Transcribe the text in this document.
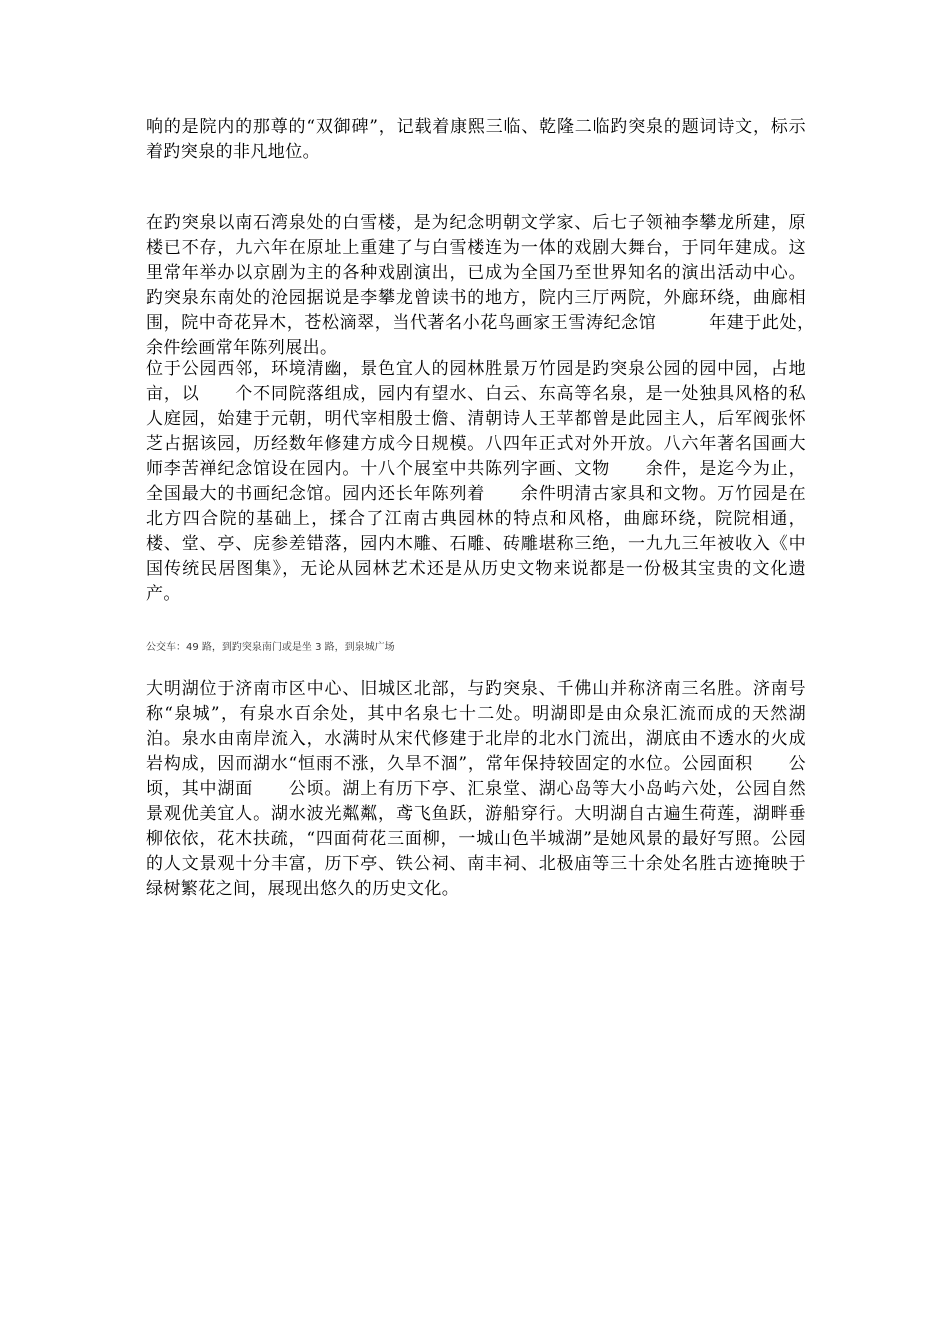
响的是院内的那尊的“双御碑”，记载着康熙三临、乾隆二临趵突泉的题词诗文，标示着趵突泉的非凡地位。

在趵突泉以南石湾泉处的白雪楼，是为纪念明朝文学家、后七子领袖李攀龙所建，原楼已不存，九六年在原址上重建了与白雪楼连为一体的戏剧大舞台，于同年建成。这里常年举办以京剧为主的各种戏剧演出，已成为全国乃至世界知名的演出活动中心。趵突泉东南处的沧园据说是李攀龙曾读书的地方，院内三厅两院，外廊环绕，曲廊相围，院中奇花异木，苍松滴翠，当代著名小花鸟画家王雪涛纪念馆　　　年建于此处，　　　余件绘画常年陈列展出。

位于公园西邻，环境清幽，景色宜人的园林胜景万竹园是趵突泉公园的园中园，占地　　亩，以　　个不同院落组成，园内有望水、白云、东高等名泉，是一处独具风格的私人庭园，始建于元朝，明代宰相殷士儋、清朝诗人王苹都曾是此园主人，后军阀张怀芝占据该园，历经数年修建方成今日规模。八四年正式对外开放。八六年著名国画大师李苦禅纪念馆设在园内。十八个展室中共陈列字画、文物　　余件，是迄今为止，全国最大的书画纪念馆。园内还长年陈列着　　余件明清古家具和文物。万竹园是在北方四合院的基础上，揉合了江南古典园林的特点和风格，曲廊环绕，院院相通，楼、堂、亭、庑参差错落，园内木雕、石雕、砖雕堪称三绝，一九九三年被收入《中国传统民居图集》，无论从园林艺术还是从历史文物来说都是一份极其宝贵的文化遗产。

公交车：49 路，到趵突泉南门或是坐 3 路，到泉城广场

大明湖位于济南市区中心、旧城区北部，与趵突泉、千佛山并称济南三名胜。济南号称“泉城”，有泉水百余处，其中名泉七十二处。明湖即是由众泉汇流而成的天然湖泊。泉水由南岸流入，水满时从宋代修建于北岸的北水门流出，湖底由不透水的火成岩构成，因而湖水“恒雨不涨，久旱不涸”，常年保持较固定的水位。公园面积　　公顷，其中湖面　　公顷。湖上有历下亭、汇泉堂、湖心岛等大小岛屿六处，公园自然景观优美宜人。湖水波光粼粼，鸢飞鱼跃，游船穿行。大明湖自古遍生荷莲，湖畔垂柳依依，花木扶疏，“四面荷花三面柳，一城山色半城湖”是她风景的最好写照。公园的人文景观十分丰富，历下亭、铁公祠、南丰祠、北极庙等三十余处名胜古迹掩映于绿树繁花之间，展现出悠久的历史文化。
